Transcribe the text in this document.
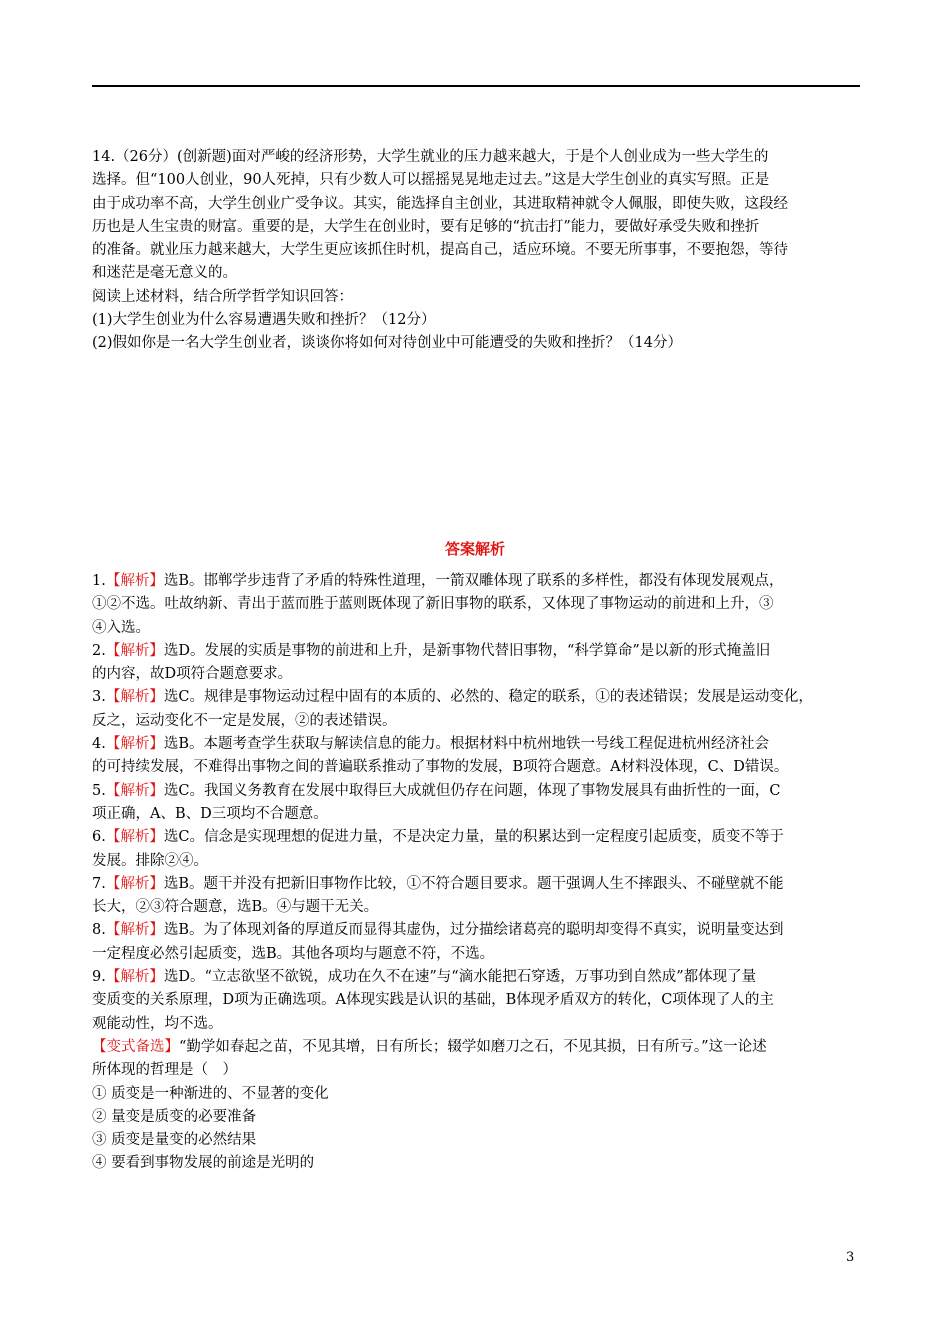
14.（26分）(创新题)面对严峻的经济形势，大学生就业的压力越来越大，于是个人创业成为一些大学生的

选择。但“100人创业，90人死掉，只有少数人可以摇摇晃晃地走过去。”这是大学生创业的真实写照。正是

由于成功率不高，大学生创业广受争议。其实，能选择自主创业，其进取精神就令人佩服，即使失败，这段经

历也是人生宝贵的财富。重要的是，大学生在创业时，要有足够的“抗击打”能力，要做好承受失败和挫折

的准备。就业压力越来越大，大学生更应该抓住时机，提高自己，适应环境。不要无所事事，不要抱怨，等待

和迷茫是毫无意义的。

阅读上述材料，结合所学哲学知识回答：

(1)大学生创业为什么容易遭遇失败和挫折？（12分）

(2)假如你是一名大学生创业者，谈谈你将如何对待创业中可能遭受的失败和挫折？（14分）

答案解析

1.【解析】选B。邯郸学步违背了矛盾的特殊性道理，一箭双雕体现了联系的多样性，都没有体现发展观点，

①②不选。吐故纳新、青出于蓝而胜于蓝则既体现了新旧事物的联系，又体现了事物运动的前进和上升，③

④入选。

2.【解析】选D。发展的实质是事物的前进和上升，是新事物代替旧事物，“科学算命”是以新的形式掩盖旧

的内容，故D项符合题意要求。

3.【解析】选C。规律是事物运动过程中固有的本质的、必然的、稳定的联系，①的表述错误；发展是运动变化，

反之，运动变化不一定是发展，②的表述错误。

4.【解析】选B。本题考查学生获取与解读信息的能力。根据材料中杭州地铁一号线工程促进杭州经济社会

的可持续发展，不难得出事物之间的普遍联系推动了事物的发展，B项符合题意。A材料没体现，C、D错误。

5.【解析】选C。我国义务教育在发展中取得巨大成就但仍存在问题，体现了事物发展具有曲折性的一面，C

项正确，A、B、D三项均不合题意。

6.【解析】选C。信念是实现理想的促进力量，不是决定力量，量的积累达到一定程度引起质变，质变不等于

发展。排除②④。

7.【解析】选B。题干并没有把新旧事物作比较，①不符合题目要求。题干强调人生不摔跟头、不碰壁就不能

长大，②③符合题意，选B。④与题干无关。

8.【解析】选B。为了体现刘备的厚道反而显得其虚伪，过分描绘诸葛亮的聪明却变得不真实，说明量变达到

一定程度必然引起质变，选B。其他各项均与题意不符，不选。

9.【解析】选D。“立志欲坚不欲锐，成功在久不在速”与“滴水能把石穿透，万事功到自然成”都体现了量

变质变的关系原理，D项为正确选项。A体现实践是认识的基础，B体现矛盾双方的转化，C项体现了人的主

观能动性，均不选。

【变式备选】“勤学如春起之苗，不见其增，日有所长；辍学如磨刀之石，不见其损，日有所亏。”这一论述

所体现的哲理是（　）

① 质变是一种渐进的、不显著的变化

② 量变是质变的必要准备

③ 质变是量变的必然结果

④ 要看到事物发展的前途是光明的

3
